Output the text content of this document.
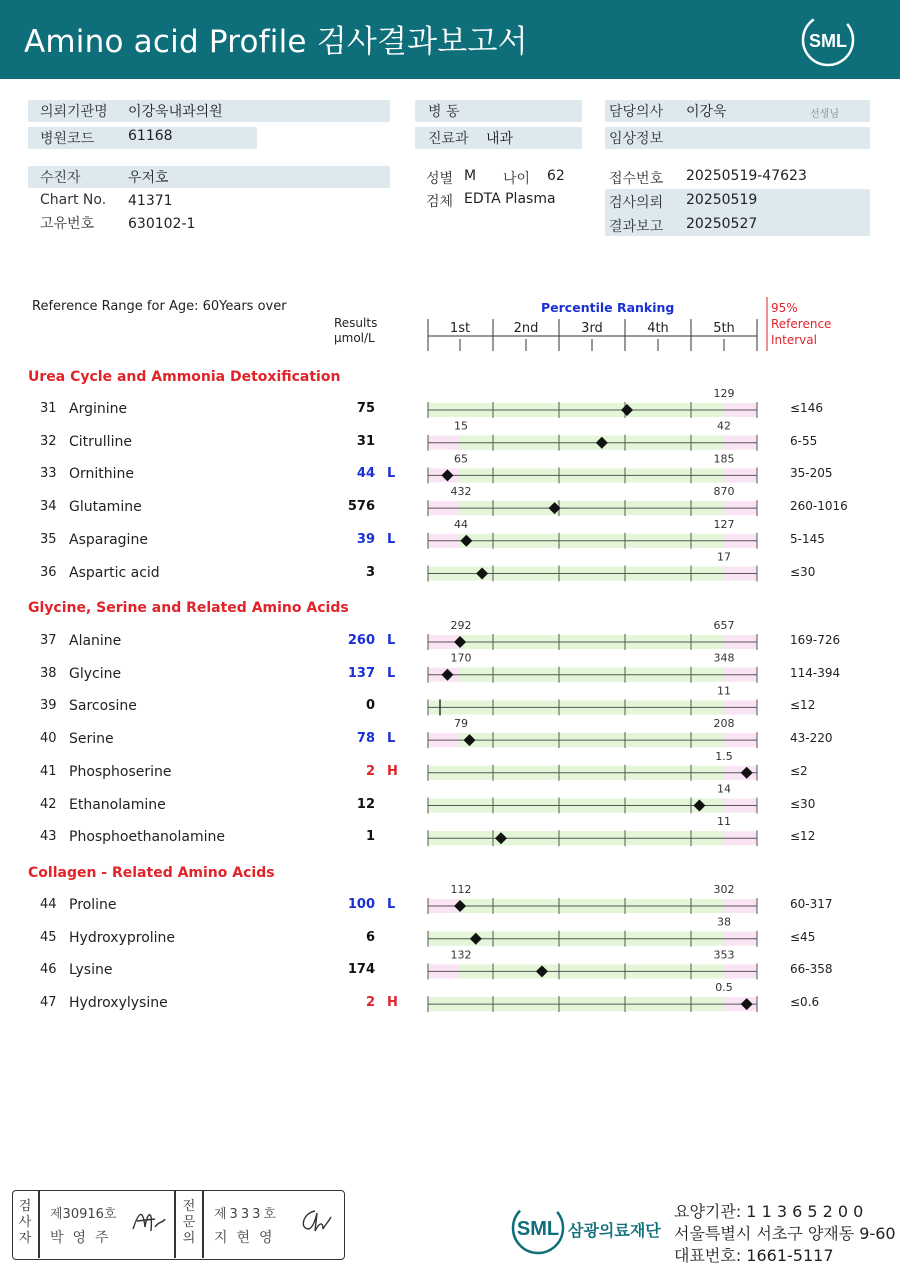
Amino acid Profile 검사결과보고서	SML
의뢰기관명 이강욱내과의원
병원코드 61168
병 동
진료과 내과
담당의사 이강욱	선생님
임상정보
수진자	우저호
Chart No. 41371
고유번호 630102-1
성별 M 나이 62
검체 EDTA Plasma
접수번호 20250519-47623
검사의뢰 20250519
결과보고 20250527
Reference Range for Age: 60Years over
Results
μmol/L
Percentile Ranking	95%
Reference
Interval
1st	2nd	3rd	4th	5th
129
15	42
65	185
432	870
44	127
17
292	657
170	348
11
79	208
1.5
14
11
112	302
38
132	353
0.5
Urea Cycle and Ammonia Detoxification
31 Arginine	75	≤146
32 Citrulline	31	6-55
33 Ornithine	44 L	35-205
34 Glutamine	576	260-1016
35 Asparagine	39 L	5-145
36 Aspartic acid	3	≤30
Glycine, Serine and Related Amino Acids
37 Alanine	260 L	169-726
38 Glycine	137 L	114-394
39 Sarcosine	0	≤12
40 Serine	78 L	43-220
41 Phosphoserine	2 H	≤2
42 Ethanolamine	12	≤30
43 Phosphoethanolamine	1	≤12
Collagen - Related Amino Acids
44 Proline	100 L	60-317
45 Hydroxyproline	6	≤45
46 Lysine	174	66-358
47 Hydroxylysine	2 H	≤0.6
검
사
자
제30916호
박영주
전
문
의
제333호
지현영	SML 삼광의료재단
요양기관: 1 1 3 6 5 2 0 0
서울특별시 서초구 양재동 9-60
대표번호: 1661-5117
